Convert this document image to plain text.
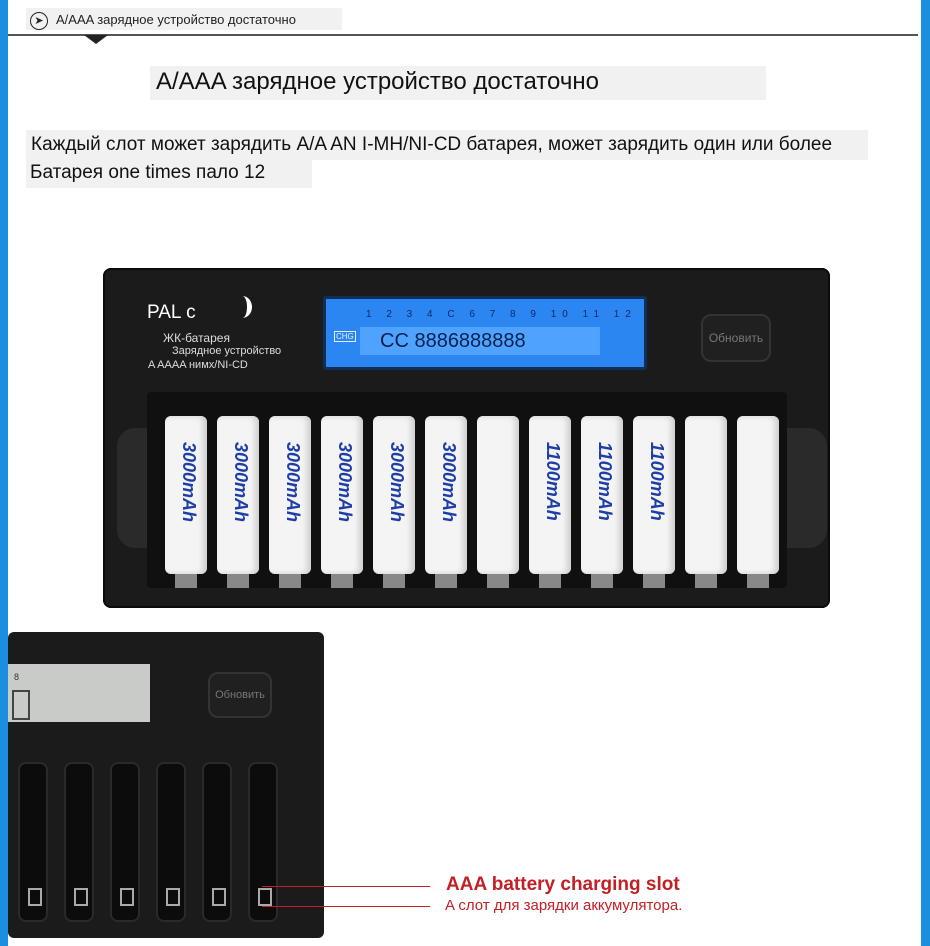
➤ A/AAA зарядное устройство достаточно
A/AAA зарядное устройство достаточно
Каждый слот может зарядить A/A AN I-MH/NI-CD батарея, может зарядить один или более
Батарея one times пало 12
PAL c
ЖК-батарея
Зарядное устройство
A AAAA нимх/NI-CD
1 2 3 4 C 6 7 8 9 10 11 12
CHG	CC 8886888888	Обновить
3000mAh	3000mAh	3000mAh	3000mAh	3000mAh	3000mAh	1100mAh	1100mAh	1100mAh
8
Обновить
AAA battery charging slot
A слот для зарядки аккумулятора.
